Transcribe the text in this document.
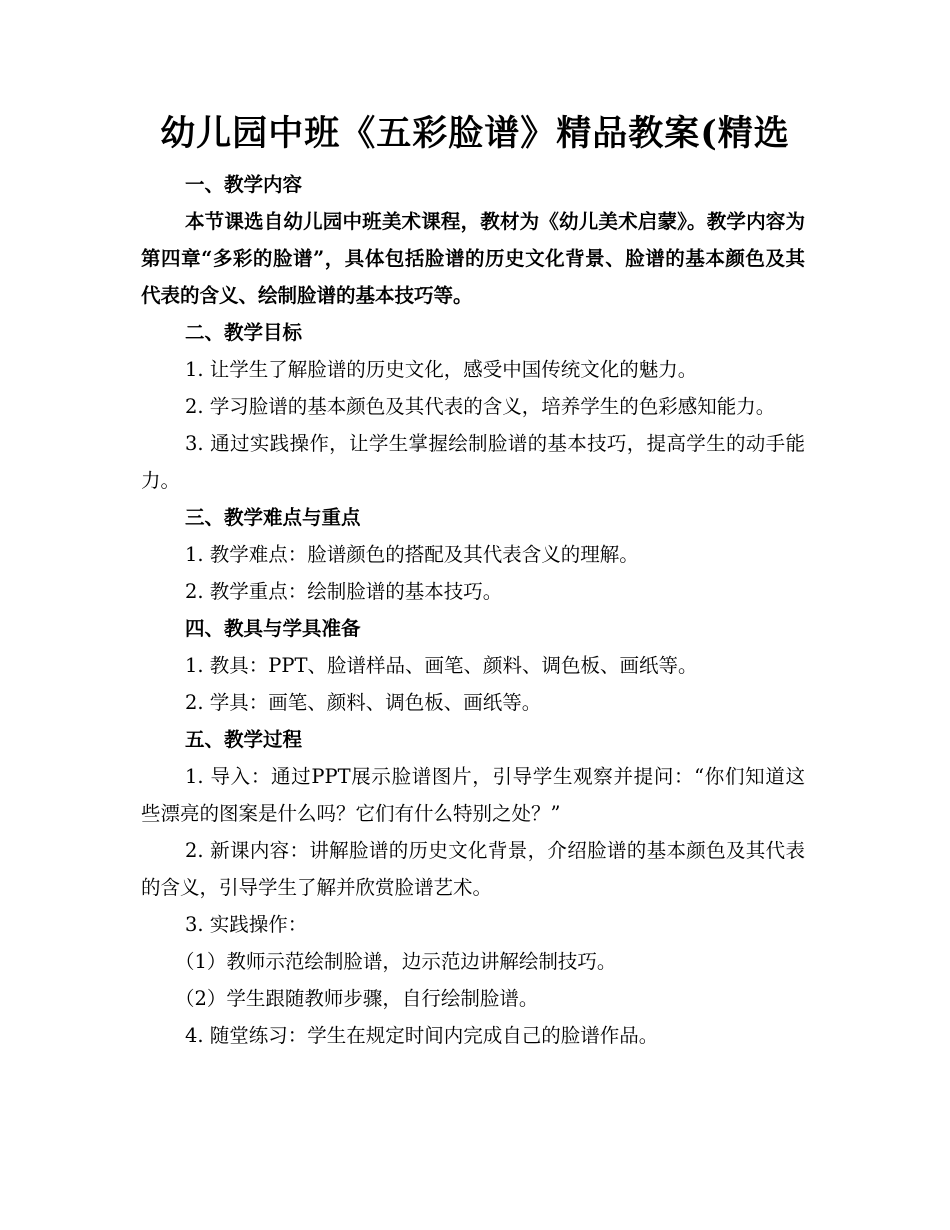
幼儿园中班《五彩脸谱》精品教案(精选

一、教学内容

本节课选自幼儿园中班美术课程，教材为《幼儿美术启蒙》。教学内容为第四章“多彩的脸谱”，具体包括脸谱的历史文化背景、脸谱的基本颜色及其代表的含义、绘制脸谱的基本技巧等。

二、教学目标

1. 让学生了解脸谱的历史文化，感受中国传统文化的魅力。

2. 学习脸谱的基本颜色及其代表的含义，培养学生的色彩感知能力。

3. 通过实践操作，让学生掌握绘制脸谱的基本技巧，提高学生的动手能力。

三、教学难点与重点

1. 教学难点：脸谱颜色的搭配及其代表含义的理解。

2. 教学重点：绘制脸谱的基本技巧。

四、教具与学具准备

1. 教具：PPT、脸谱样品、画笔、颜料、调色板、画纸等。

2. 学具：画笔、颜料、调色板、画纸等。

五、教学过程

1. 导入：通过PPT展示脸谱图片，引导学生观察并提问：“你们知道这些漂亮的图案是什么吗？它们有什么特别之处？”

2. 新课内容：讲解脸谱的历史文化背景，介绍脸谱的基本颜色及其代表的含义，引导学生了解并欣赏脸谱艺术。

3. 实践操作：

（1）教师示范绘制脸谱，边示范边讲解绘制技巧。

（2）学生跟随教师步骤，自行绘制脸谱。

4. 随堂练习：学生在规定时间内完成自己的脸谱作品。
